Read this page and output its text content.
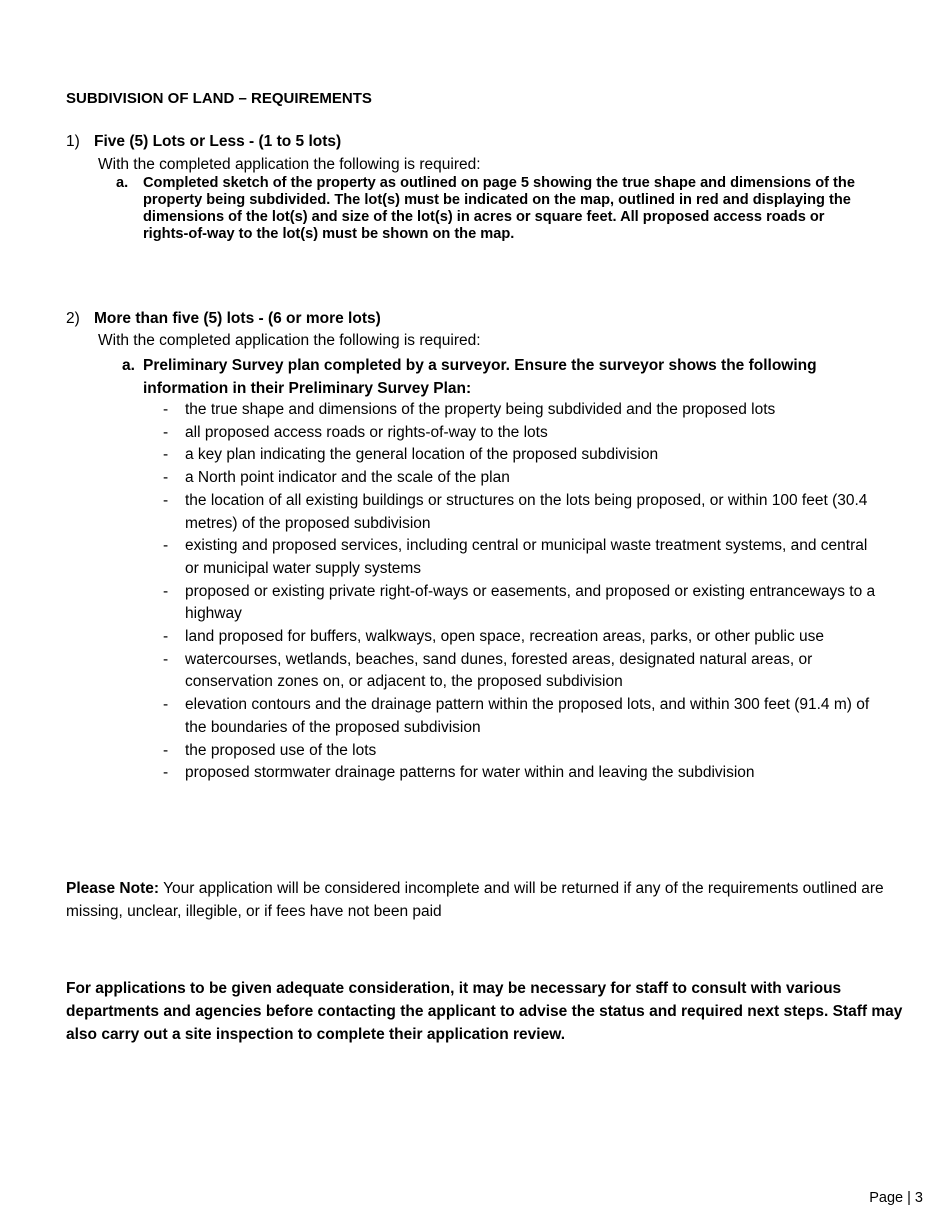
SUBDIVISION OF LAND – REQUIREMENTS
1) Five (5) Lots or Less - (1 to 5 lots)
With the completed application the following is required:
a.	Completed sketch of the property as outlined on page 5 showing the true shape and dimensions of the property being subdivided. The lot(s) must be indicated on the map, outlined in red and displaying the dimensions of the lot(s) and size of the lot(s) in acres or square feet. All proposed access roads or rights-of-way to the lot(s) must be shown on the map.
2) More than five (5) lots - (6 or more lots)
With the completed application the following is required:
a. Preliminary Survey plan completed by a surveyor. Ensure the surveyor shows the following information in their Preliminary Survey Plan:
-	the true shape and dimensions of the property being subdivided and the proposed lots
-	all proposed access roads or rights-of-way to the lots
-	a key plan indicating the general location of the proposed subdivision
-	a North point indicator and the scale of the plan
-	the location of all existing buildings or structures on the lots being proposed, or within 100 feet (30.4 metres) of the proposed subdivision
-	existing and proposed services, including central or municipal waste treatment systems, and central or municipal water supply systems
-	proposed or existing private right-of-ways or easements, and proposed or existing entranceways to a highway
-	land proposed for buffers, walkways, open space, recreation areas, parks, or other public use
-	watercourses, wetlands, beaches, sand dunes, forested areas, designated natural areas, or conservation zones on, or adjacent to, the proposed subdivision
-	elevation contours and the drainage pattern within the proposed lots, and within 300 feet (91.4 m) of the boundaries of the proposed subdivision
-	the proposed use of the lots
-	proposed stormwater drainage patterns for water within and leaving the subdivision
Please Note: Your application will be considered incomplete and will be returned if any of the requirements outlined are missing, unclear, illegible, or if fees have not been paid
For applications to be given adequate consideration, it may be necessary for staff to consult with various departments and agencies before contacting the applicant to advise the status and required next steps. Staff may also carry out a site inspection to complete their application review.
Page | 3
